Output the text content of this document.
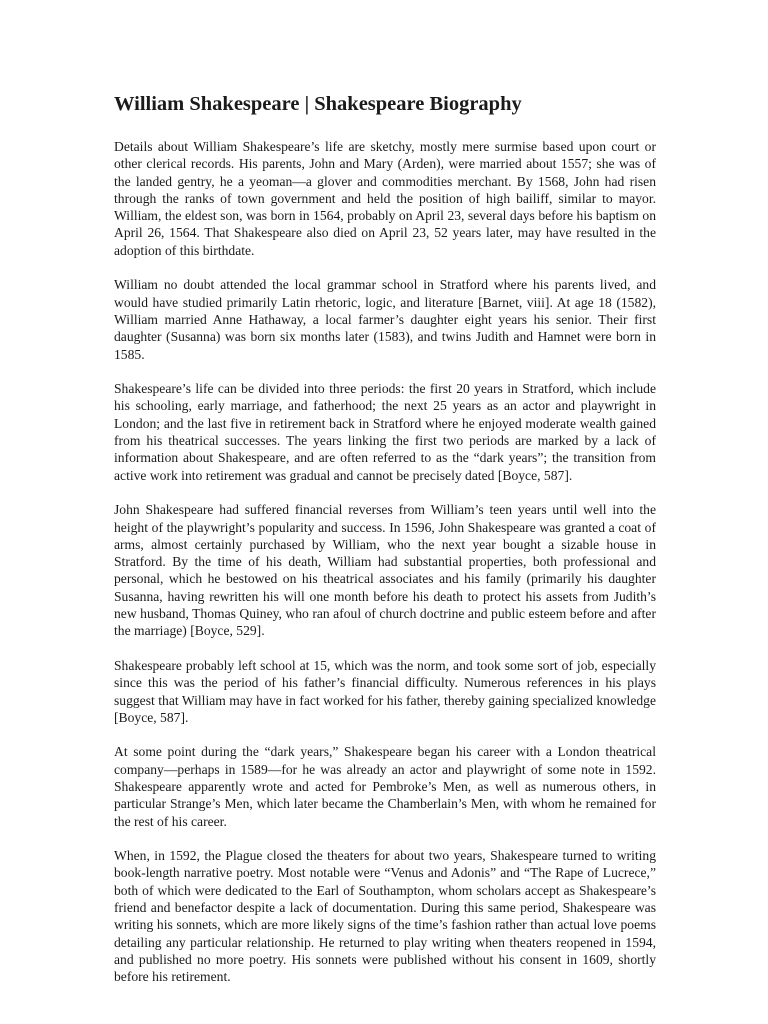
William Shakespeare | Shakespeare Biography

Details about William Shakespeare’s life are sketchy, mostly mere surmise based upon court or other clerical records. His parents, John and Mary (Arden), were married about 1557; she was of the landed gentry, he a yeoman—a glover and commodities merchant. By 1568, John had risen through the ranks of town government and held the position of high bailiff, similar to mayor. William, the eldest son, was born in 1564, probably on April 23, several days before his baptism on April 26, 1564. That Shakespeare also died on April 23, 52 years later, may have resulted in the adoption of this birthdate.

William no doubt attended the local grammar school in Stratford where his parents lived, and would have studied primarily Latin rhetoric, logic, and literature [Barnet, viii]. At age 18 (1582), William married Anne Hathaway, a local farmer’s daughter eight years his senior. Their first daughter (Susanna) was born six months later (1583), and twins Judith and Hamnet were born in 1585.

Shakespeare’s life can be divided into three periods: the first 20 years in Stratford, which include his schooling, early marriage, and fatherhood; the next 25 years as an actor and playwright in London; and the last five in retirement back in Stratford where he enjoyed moderate wealth gained from his theatrical successes. The years linking the first two periods are marked by a lack of information about Shakespeare, and are often referred to as the “dark years”; the transition from active work into retirement was gradual and cannot be precisely dated [Boyce, 587].

John Shakespeare had suffered financial reverses from William’s teen years until well into the height of the playwright’s popularity and success. In 1596, John Shakespeare was granted a coat of arms, almost certainly purchased by William, who the next year bought a sizable house in Stratford. By the time of his death, William had substantial properties, both professional and personal, which he bestowed on his theatrical associates and his family (primarily his daughter Susanna, having rewritten his will one month before his death to protect his assets from Judith’s new husband, Thomas Quiney, who ran afoul of church doctrine and public esteem before and after the marriage) [Boyce, 529].

Shakespeare probably left school at 15, which was the norm, and took some sort of job, especially since this was the period of his father’s financial difficulty. Numerous references in his plays suggest that William may have in fact worked for his father, thereby gaining specialized knowledge [Boyce, 587].

At some point during the “dark years,” Shakespeare began his career with a London theatrical company—perhaps in 1589—for he was already an actor and playwright of some note in 1592. Shakespeare apparently wrote and acted for Pembroke’s Men, as well as numerous others, in particular Strange’s Men, which later became the Chamberlain’s Men, with whom he remained for the rest of his career.

When, in 1592, the Plague closed the theaters for about two years, Shakespeare turned to writing book-length narrative poetry. Most notable were “Venus and Adonis” and “The Rape of Lucrece,” both of which were dedicated to the Earl of Southampton, whom scholars accept as Shakespeare’s friend and benefactor despite a lack of documentation. During this same period, Shakespeare was writing his sonnets, which are more likely signs of the time’s fashion rather than actual love poems detailing any particular relationship. He returned to play writing when theaters reopened in 1594, and published no more poetry. His sonnets were published without his consent in 1609, shortly before his retirement.
